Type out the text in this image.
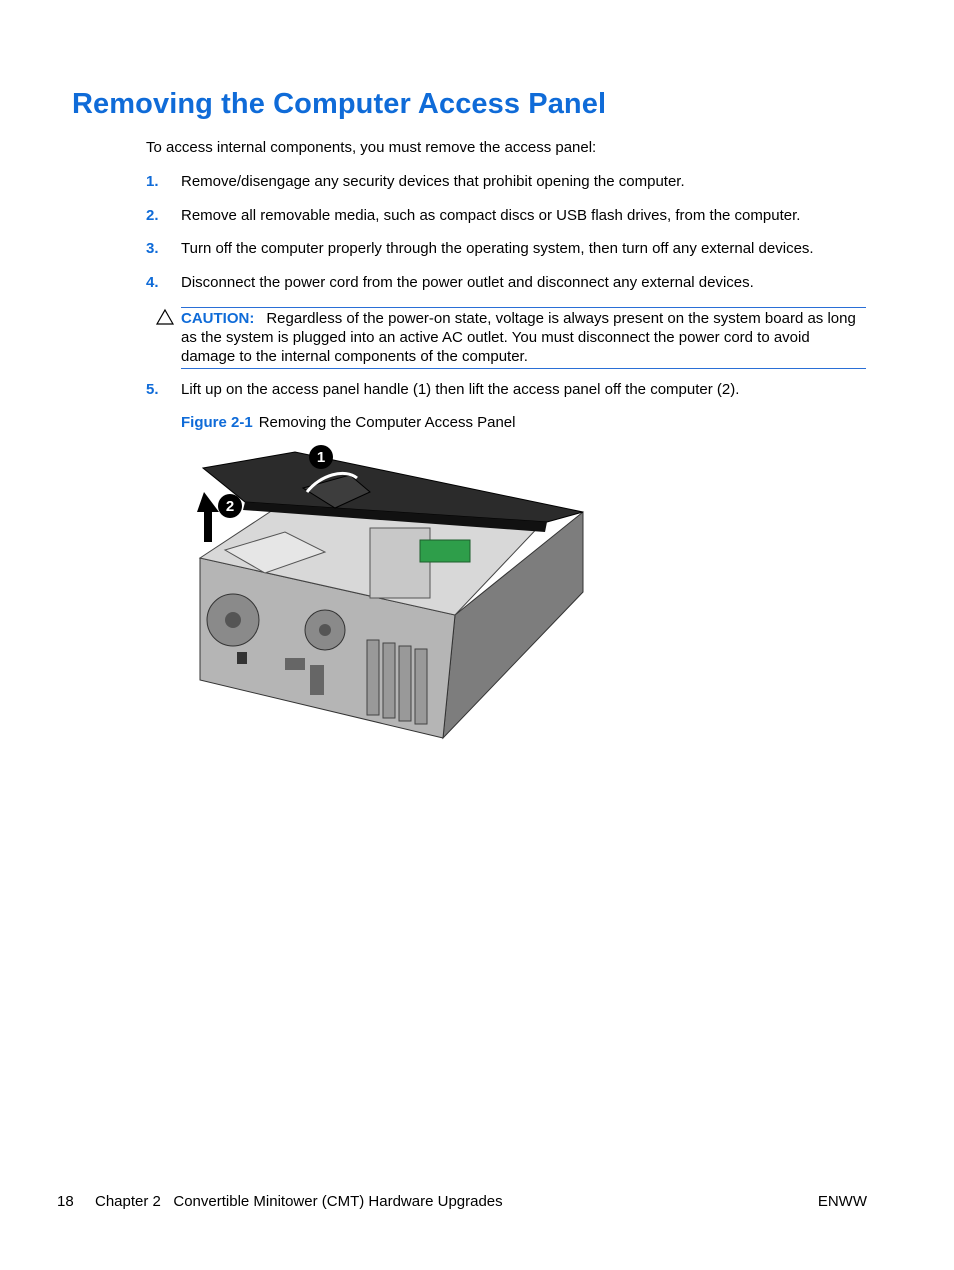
Removing the Computer Access Panel
To access internal components, you must remove the access panel:
1. Remove/disengage any security devices that prohibit opening the computer.
2. Remove all removable media, such as compact discs or USB flash drives, from the computer.
3. Turn off the computer properly through the operating system, then turn off any external devices.
4. Disconnect the power cord from the power outlet and disconnect any external devices.
CAUTION: Regardless of the power-on state, voltage is always present on the system board as long as the system is plugged into an active AC outlet. You must disconnect the power cord to avoid damage to the internal components of the computer.
5. Lift up on the access panel handle (1) then lift the access panel off the computer (2).
Figure 2-1 Removing the Computer Access Panel
1
2
18 Chapter 2   Convertible Minitower (CMT) Hardware Upgrades	ENWW
